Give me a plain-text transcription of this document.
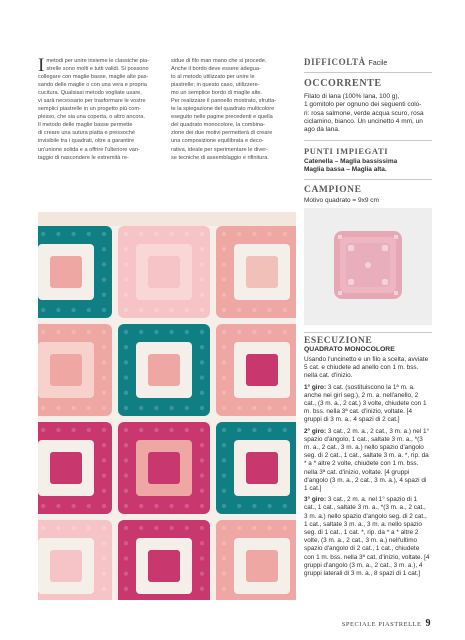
Imetodi per unire insieme le classiche pia-
strelle sono molti e tutti validi. Si possono
collegare con maglie basse, maglie alte pas-
sando delle maglie o con una vera e propria
cucitura. Qualsiasi metodo vogliate usare,
vi sarà necessario per trasformare le vostre
semplici piastrelle in un progetto più com-
plesso, che sia una coperta, o altro ancora.
Il metodo delle maglie basse permette
di creare una sutura piatta e pressoché
invisibile tra i quadrati, oltre a garantire
un'unione solida e a offrire l'ulteriore van-
taggio di nascondere le estremità re-
sidue di filo man mano che si procede.
Anche il bordo deve essere adegua-
to al metodo utilizzato per unire le
piastrelle; in questo caso, utilizzere-
mo un semplice bordo di maglie alte.
Per realizzare il pannello mostrato, sfrutta-
te la spiegazione del quadrato multicolore
eseguito nelle pagine precedenti e quella
del quadrato monocolore, la combina-
zione dei due motivi permetterà di creare
una composizione equilibrata e deco-
rativa, ideale per sperimentare le diver-
se tecniche di assemblaggio e rifinitura.
DIFFICOLTÀ Facile
OCCORRENTE
Filato di lana (100% lana, 100 g),
1 gomitolo per ognuno dei seguenti colo-
ri: rosa salmone, verde acqua scuro, rosa
ciclamino, bianco. Un uncinetto 4 mm, un
ago da lana.
PUNTI IMPIEGATI
Catenella – Maglia bassissima
Maglia bassa – Maglia alta.
CAMPIONE
Motivo quadrato = 9x9 cm
ESECUZIONE
QUADRATO MONOCOLORE

Usando l'uncinetto e un filo a scelta, avviate 5 cat. e chiudete ad anello con 1 m. bss. nella cat. d'inizio.

1° giro: 3 cat. (sostituiscono la 1ª m. a. anche nei giri seg.), 2 m. a. nell'anello, 2 cat., (3 m. a., 2 cat.) 3 volte, chiudete con 1 m. bss. nella 3ª cat. d'inizio, voltate. [4 gruppi di 3 m. a., 4 spazi di 2 cat.]

2° giro: 3 cat., 2 m. a., 2 cat., 3 m. a.) nel 1° spazio d'angolo, 1 cat., saltate 3 m. a., *(3 m. a., 2 cat., 3 m. a.) nello spazio d'angolo seg. di 2 cat., 1 cat., saltate 3 m. a. *, rip. da * a * altre 2 volte, chiudete con 1 m. bss. nella 3ª cat. d'inizio, voltate. [4 gruppi d'angolo (3 m. a., 2 cat., 3 m. a.), 4 spazi di 1 cat.]

3° giro: 3 cat., 2 m. a. nel 1° spazio di 1 cat., 1 cat., saltate 3 m. a., *(3 m. a., 2 cat., 3 m. a.) nello spazio d'angolo seg. di 2 cat., 1 cat., saltate 3 m. a., 3 m. a. nello spazio seg. di 1 cat., 1 cat. *, rip. da * a * altre 2 volte, (3 m. a., 2 cat., 3 m. a.) nell'ultimo spazio d'angolo di 2 cat., 1 cat., chiudete con 1 m. bss. nella 3ª cat. d'inizio, voltate. [4 gruppi d'angolo (3 m. a., 2 cat., 3 m. a.), 4 gruppi laterali di 3 m. a., 8 spazi di 1 cat.]

SPECIALE PIASTRELLE 9
